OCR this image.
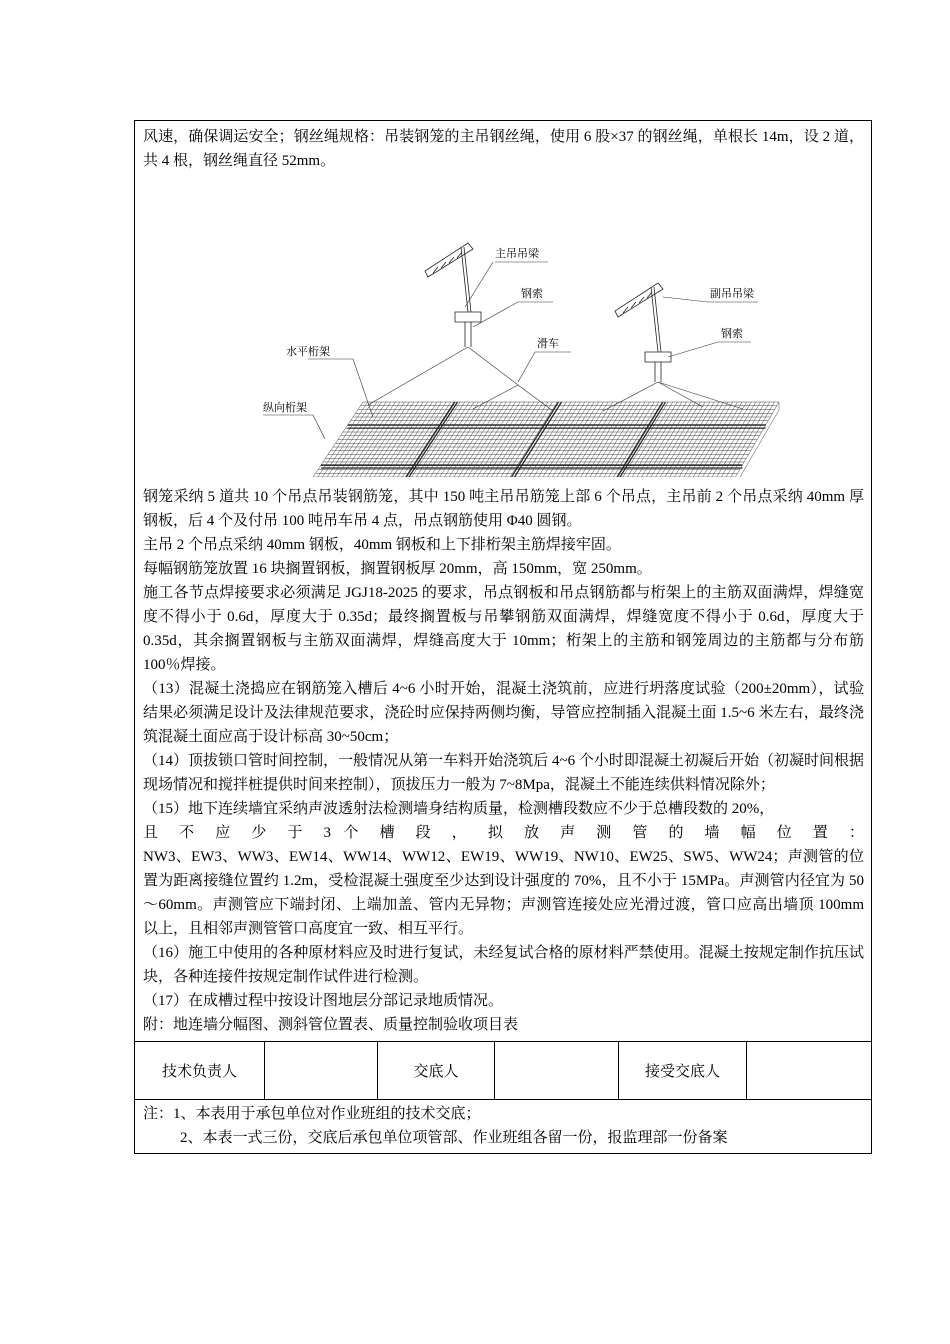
风速，确保调运安全；钢丝绳规格：吊装钢笼的主吊钢丝绳，使用 6 股×37 的钢丝绳，单根长 14m，设 2 道，共 4 根，钢丝绳直径 52mm。

主吊吊梁
钢索
滑车
副吊吊梁
钢索
水平桁架
纵向桁架

钢笼采纳 5 道共 10 个吊点吊装钢筋笼，其中 150 吨主吊吊筋笼上部 6 个吊点，主吊前 2 个吊点采纳 40mm 厚钢板，后 4 个及付吊 100 吨吊车吊 4 点，吊点钢筋使用 Φ40 圆钢。

主吊 2 个吊点采纳 40mm 钢板，40mm 钢板和上下排桁架主筋焊接牢固。

每幅钢筋笼放置 16 块搁置钢板，搁置钢板厚 20mm，高 150mm，宽 250mm。

施工各节点焊接要求必须满足 JGJ18-2025 的要求，吊点钢板和吊点钢筋都与桁架上的主筋双面满焊，焊缝宽度不得小于 0.6d，厚度大于 0.35d；最终搁置板与吊攀钢筋双面满焊，焊缝宽度不得小于 0.6d，厚度大于 0.35d，其余搁置钢板与主筋双面满焊，焊缝高度大于 10mm；桁架上的主筋和钢笼周边的主筋都与分布筋 100％焊接。

（13）混凝土浇捣应在钢筋笼入槽后 4~6 小时开始，混凝土浇筑前，应进行坍落度试验（200±20mm），试验结果必须满足设计及法律规范要求，浇砼时应保持两侧均衡，导管应控制插入混凝土面 1.5~6 米左右，最终浇筑混凝土面应高于设计标高 30~50cm；

（14）顶拔锁口管时间控制，一般情况从第一车料开始浇筑后 4~6 个小时即混凝土初凝后开始（初凝时间根据现场情况和搅拌桩提供时间来控制），顶拔压力一般为 7~8Mpa，混凝土不能连续供料情况除外；

（15）地下连续墙宜采纳声波透射法检测墙身结构质量，检测槽段数应不少于总槽段数的 20%，

且 不 应 少 于 3 个 槽 段 ， 拟 放 声 测 管 的 墙 幅 位 置 ：

NW3、EW3、WW3、EW14、WW14、WW12、EW19、WW19、NW10、EW25、SW5、WW24；声测管的位置为距离接缝位置约 1.2m，受检混凝土强度至少达到设计强度的 70%，且不小于 15MPa。声测管内径宜为 50～60mm。声测管应下端封闭、上端加盖、管内无异物；声测管连接处应光滑过渡，管口应高出墙顶 100mm 以上，且相邻声测管管口高度宜一致、相互平行。

（16）施工中使用的各种原材料应及时进行复试，未经复试合格的原材料严禁使用。混凝土按规定制作抗压试块，各种连接件按规定制作试件进行检测。

（17）在成槽过程中按设计图地层分部记录地质情况。

附：地连墙分幅图、测斜管位置表、质量控制验收项目表

技术负责人	交底人	接受交底人

注：1、本表用于承包单位对作业班组的技术交底；

2、本表一式三份，交底后承包单位项管部、作业班组各留一份，报监理部一份备案
